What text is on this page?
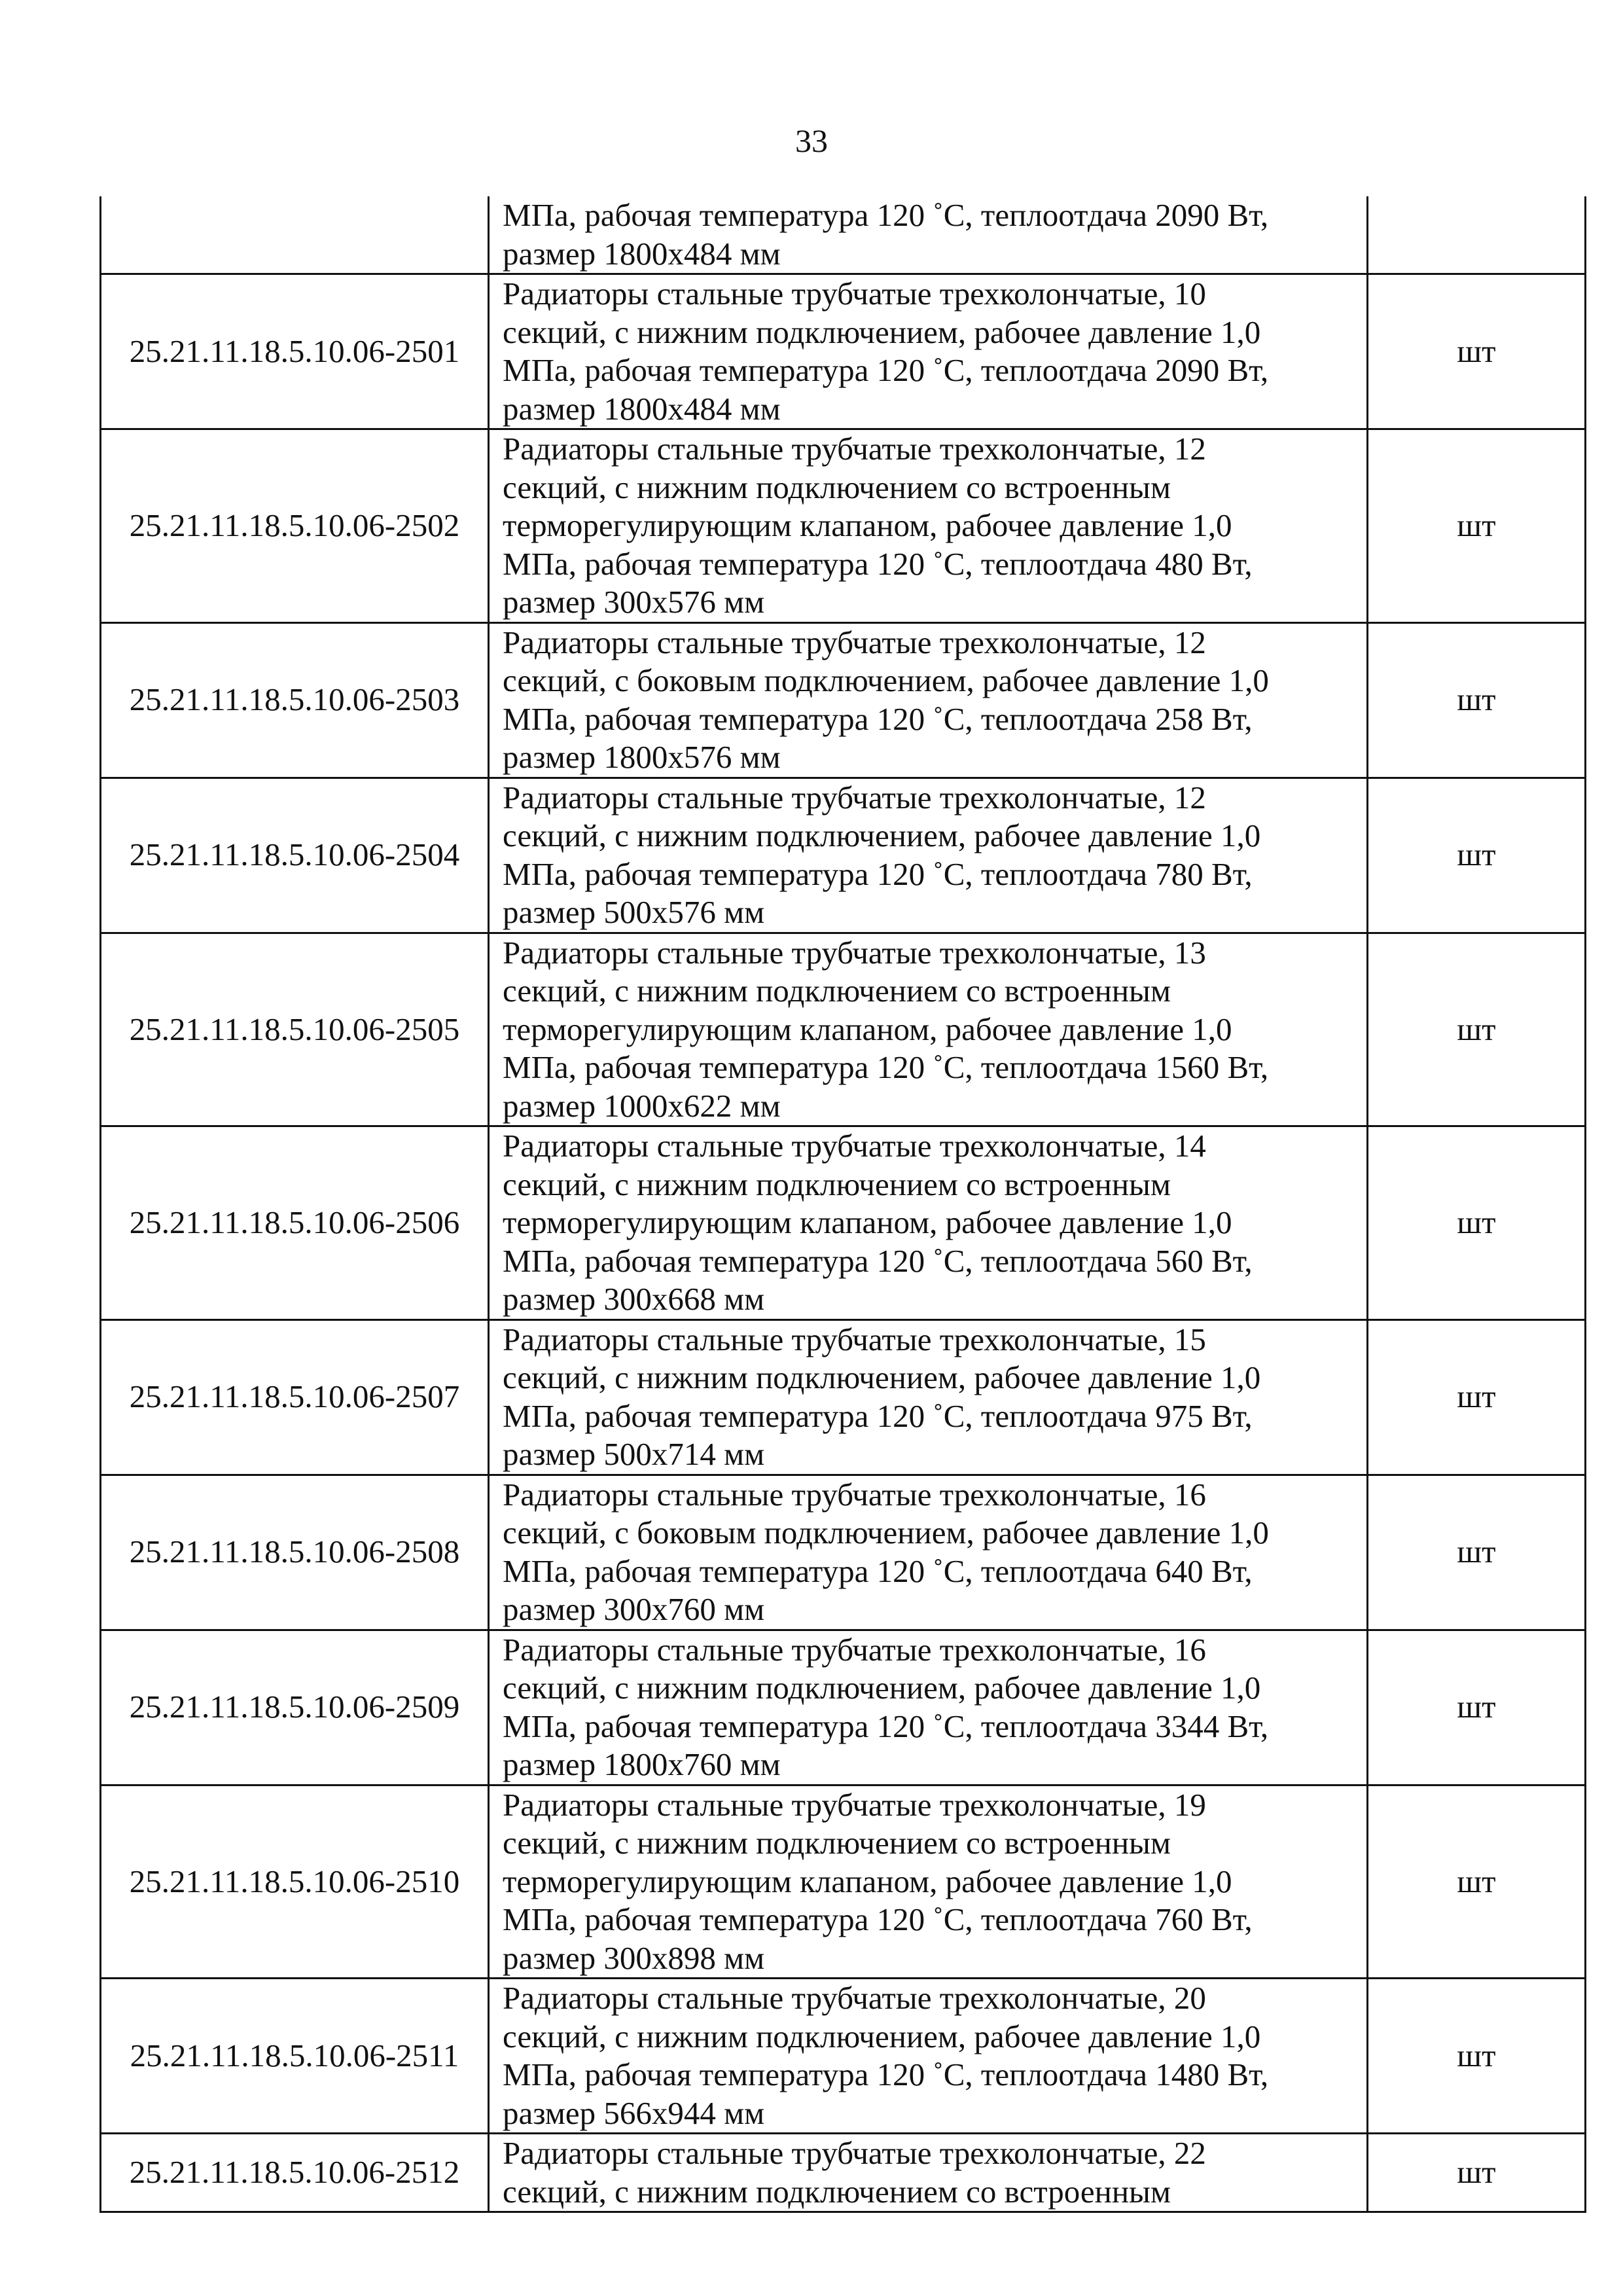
33

	МПа, рабочая температура 120 ˚С, теплоотдача 2090 Вт,
размер 1800х484 мм	

25.21.11.18.5.10.06-2501	Радиаторы стальные трубчатые трехколончатые, 10
секций, с нижним подключением, рабочее давление 1,0
МПа, рабочая температура 120 ˚С, теплоотдача 2090 Вт,
размер 1800х484 мм	шт
25.21.11.18.5.10.06-2502	Радиаторы стальные трубчатые трехколончатые, 12
секций, с нижним подключением со встроенным
терморегулирующим клапаном, рабочее давление 1,0
МПа, рабочая температура 120 ˚С, теплоотдача 480 Вт,
размер 300х576 мм	шт
25.21.11.18.5.10.06-2503	Радиаторы стальные трубчатые трехколончатые, 12
секций, с боковым подключением, рабочее давление 1,0
МПа, рабочая температура 120 ˚С, теплоотдача 258 Вт,
размер 1800х576 мм	шт
25.21.11.18.5.10.06-2504	Радиаторы стальные трубчатые трехколончатые, 12
секций, с нижним подключением, рабочее давление 1,0
МПа, рабочая температура 120 ˚С, теплоотдача 780 Вт,
размер 500х576 мм	шт
25.21.11.18.5.10.06-2505	Радиаторы стальные трубчатые трехколончатые, 13
секций, с нижним подключением со встроенным
терморегулирующим клапаном, рабочее давление 1,0
МПа, рабочая температура 120 ˚С, теплоотдача 1560 Вт,
размер 1000х622 мм	шт
25.21.11.18.5.10.06-2506	Радиаторы стальные трубчатые трехколончатые, 14
секций, с нижним подключением со встроенным
терморегулирующим клапаном, рабочее давление 1,0
МПа, рабочая температура 120 ˚С, теплоотдача 560 Вт,
размер 300х668 мм	шт
25.21.11.18.5.10.06-2507	Радиаторы стальные трубчатые трехколончатые, 15
секций, с нижним подключением, рабочее давление 1,0
МПа, рабочая температура 120 ˚С, теплоотдача 975 Вт,
размер 500х714 мм	шт
25.21.11.18.5.10.06-2508	Радиаторы стальные трубчатые трехколончатые, 16
секций, с боковым подключением, рабочее давление 1,0
МПа, рабочая температура 120 ˚С, теплоотдача 640 Вт,
размер 300х760 мм	шт
25.21.11.18.5.10.06-2509	Радиаторы стальные трубчатые трехколончатые, 16
секций, с нижним подключением, рабочее давление 1,0
МПа, рабочая температура 120 ˚С, теплоотдача 3344 Вт,
размер 1800х760 мм	шт
25.21.11.18.5.10.06-2510	Радиаторы стальные трубчатые трехколончатые, 19
секций, с нижним подключением со встроенным
терморегулирующим клапаном, рабочее давление 1,0
МПа, рабочая температура 120 ˚С, теплоотдача 760 Вт,
размер 300х898 мм	шт
25.21.11.18.5.10.06-2511	Радиаторы стальные трубчатые трехколончатые, 20
секций, с нижним подключением, рабочее давление 1,0
МПа, рабочая температура 120 ˚С, теплоотдача 1480 Вт,
размер 566х944 мм	шт
25.21.11.18.5.10.06-2512	Радиаторы стальные трубчатые трехколончатые, 22
секций, с нижним подключением со встроенным	шт
